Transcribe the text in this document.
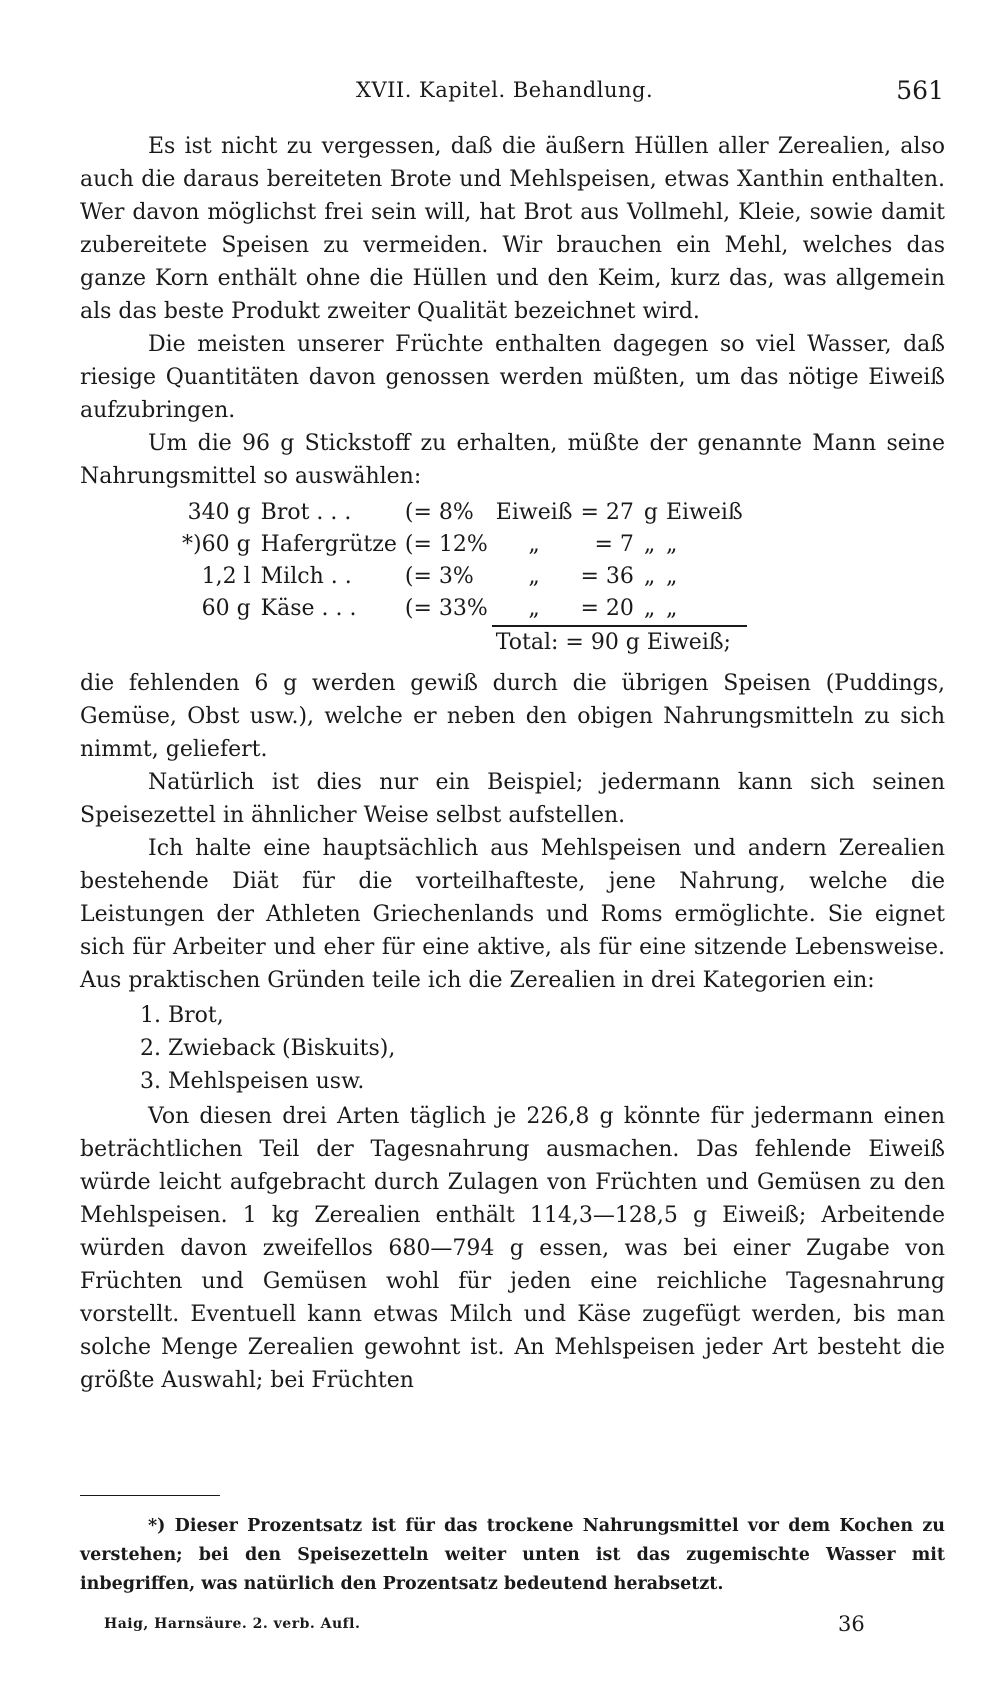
XVII. Kapitel. Behandlung.	561

Es ist nicht zu vergessen, daß die äußern Hüllen aller Zerealien, also auch die daraus bereiteten Brote und Mehlspeisen, etwas Xanthin enthalten. Wer davon möglichst frei sein will, hat Brot aus Vollmehl, Kleie, sowie damit zubereitete Speisen zu vermeiden. Wir brauchen ein Mehl, welches das ganze Korn enthält ohne die Hüllen und den Keim, kurz das, was allgemein als das beste Produkt zweiter Qualität bezeichnet wird.

Die meisten unserer Früchte enthalten dagegen so viel Wasser, daß riesige Quantitäten davon genossen werden müßten, um das nötige Eiweiß aufzubringen.

Um die 96 g Stickstoff zu erhalten, müßte der genannte Mann seine Nahrungsmittel so auswählen:

340 g	Brot . . .	(= 8%	Eiweiß	= 27	g	Eiweiß
*)60 g	Hafergrütze	(= 12%	„	= 7	„	„
1,2 l	Milch . .	(= 3%	„	= 36	„	„
60 g	Käse . . .	(= 33%	„	= 20	„	„
			Total: = 90 g Eiweiß;			

die fehlenden 6 g werden gewiß durch die übrigen Speisen (Puddings, Gemüse, Obst usw.), welche er neben den obigen Nahrungsmitteln zu sich nimmt, geliefert.

Natürlich ist dies nur ein Beispiel; jedermann kann sich seinen Speisezettel in ähnlicher Weise selbst aufstellen.

Ich halte eine hauptsächlich aus Mehlspeisen und andern Zerealien bestehende Diät für die vorteilhafteste, jene Nahrung, welche die Leistungen der Athleten Griechenlands und Roms ermöglichte. Sie eignet sich für Arbeiter und eher für eine aktive, als für eine sitzende Lebensweise. Aus praktischen Gründen teile ich die Zerealien in drei Kategorien ein:

1. Brot,
2. Zwieback (Biskuits),
3. Mehlspeisen usw.

Von diesen drei Arten täglich je 226,8 g könnte für jedermann einen beträchtlichen Teil der Tagesnahrung ausmachen. Das fehlende Eiweiß würde leicht aufgebracht durch Zulagen von Früchten und Gemüsen zu den Mehlspeisen. 1 kg Zerealien enthält 114,3—128,5 g Eiweiß; Arbeitende würden davon zweifellos 680—794 g essen, was bei einer Zugabe von Früchten und Gemüsen wohl für jeden eine reichliche Tagesnahrung vorstellt. Eventuell kann etwas Milch und Käse zugefügt werden, bis man solche Menge Zerealien gewohnt ist. An Mehlspeisen jeder Art besteht die größte Auswahl; bei Früchten

*) Dieser Prozentsatz ist für das trockene Nahrungsmittel vor dem Kochen zu verstehen; bei den Speisezetteln weiter unten ist das zugemischte Wasser mit inbegriffen, was natürlich den Prozentsatz bedeutend herabsetzt.
Haig, Harnsäure. 2. verb. Aufl.	36
